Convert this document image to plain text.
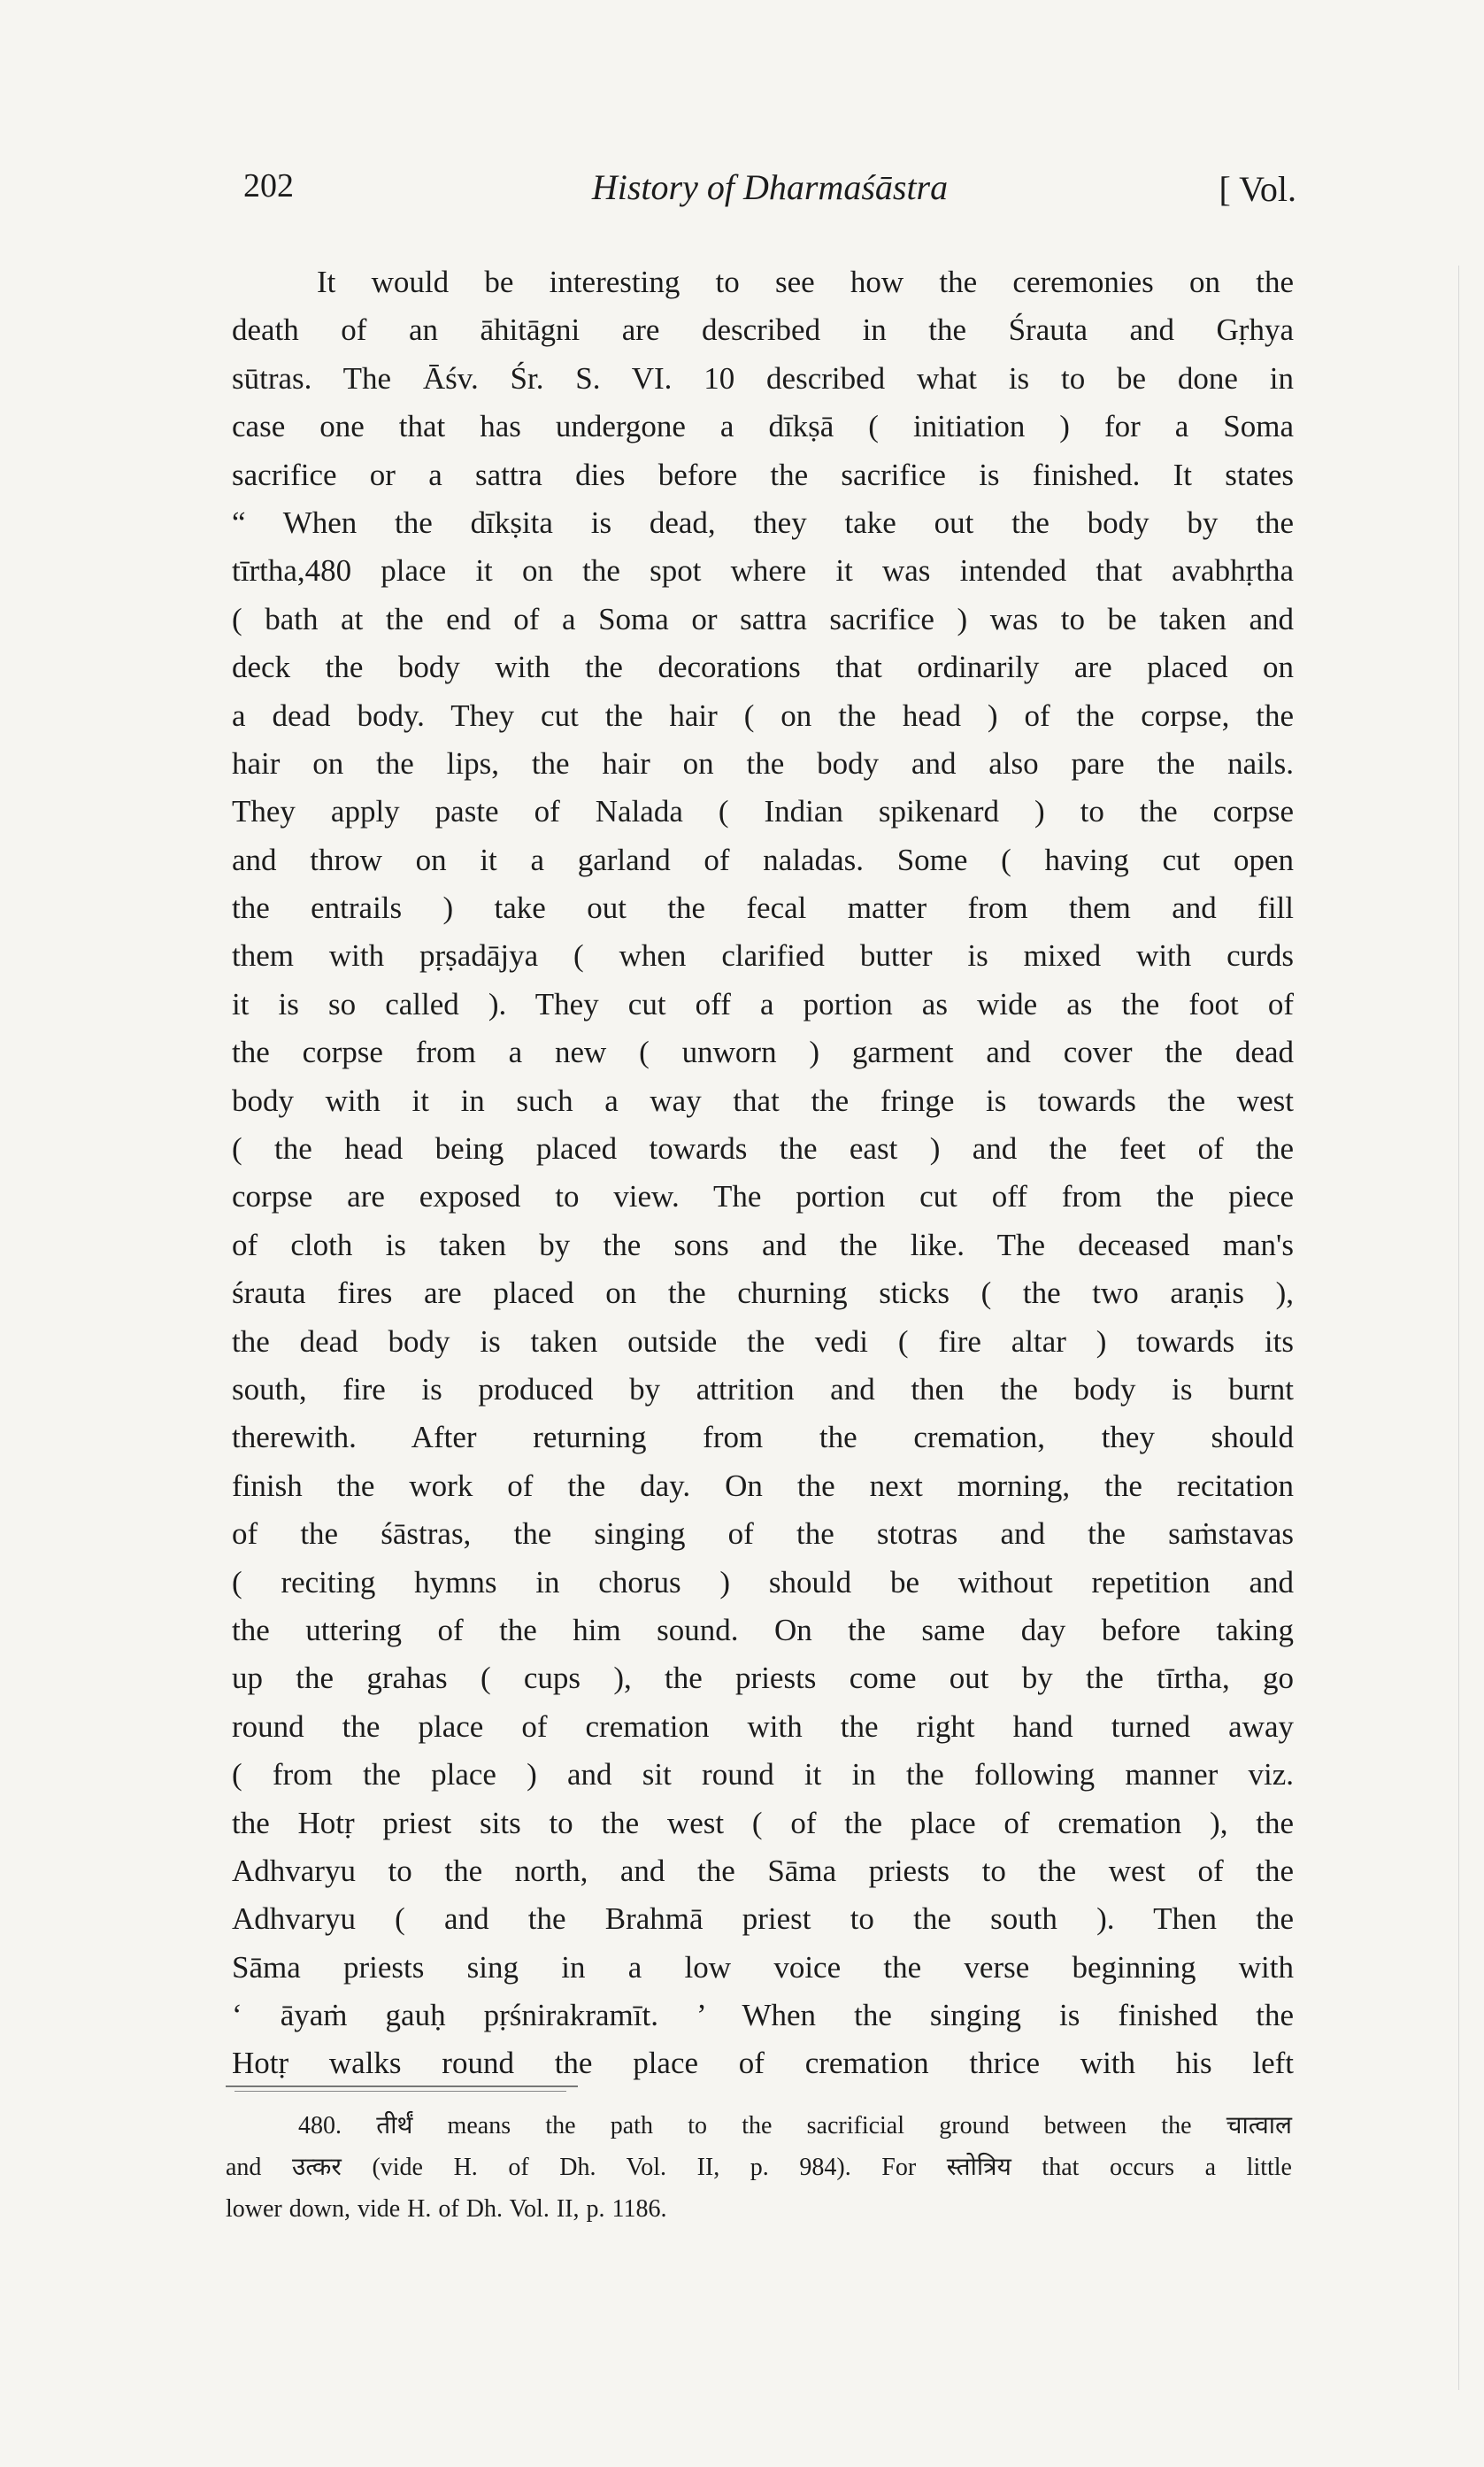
202	History of Dharmaśāstra	[ Vol.
It would be interesting to see how the ceremonies on the
death of an āhitāgni are described in the Śrauta and Gṛhya
sūtras. The Āśv. Śr. S. VI. 10 described what is to be done in
case one that has undergone a dīkṣā ( initiation ) for a Soma
sacrifice or a sattra dies before the sacrifice is finished. It states
“ When the dīkṣita is dead, they take out the body by the
tīrtha,480 place it on the spot where it was intended that avabhṛtha
( bath at the end of a Soma or sattra sacrifice ) was to be taken and
deck the body with the decorations that ordinarily are placed on
a dead body. They cut the hair ( on the head ) of the corpse, the
hair on the lips, the hair on the body and also pare the nails.
They apply paste of Nalada ( Indian spikenard ) to the corpse
and throw on it a garland of naladas. Some ( having cut open
the entrails ) take out the fecal matter from them and fill
them with pṛṣadājya ( when clarified butter is mixed with curds
it is so called ). They cut off a portion as wide as the foot of
the corpse from a new ( unworn ) garment and cover the dead
body with it in such a way that the fringe is towards the west
( the head being placed towards the east ) and the feet of the
corpse are exposed to view. The portion cut off from the piece
of cloth is taken by the sons and the like. The deceased man's
śrauta fires are placed on the churning sticks ( the two araṇis ),
the dead body is taken outside the vedi ( fire altar ) towards its
south, fire is produced by attrition and then the body is burnt
therewith. After returning from the cremation, they should
finish the work of the day. On the next morning, the recitation
of the śāstras, the singing of the stotras and the saṁstavas
( reciting hymns in chorus ) should be without repetition and
the uttering of the him sound. On the same day before taking
up the grahas ( cups ), the priests come out by the tīrtha, go
round the place of cremation with the right hand turned away
( from the place ) and sit round it in the following manner viz.
the Hotṛ priest sits to the west ( of the place of cremation ), the
Adhvaryu to the north, and the Sāma priests to the west of the
Adhvaryu ( and the Brahmā priest to the south ). Then the
Sāma priests sing in a low voice the verse beginning with
‘ āyaṁ gauḥ pṛśnirakramīt. ’ When the singing is finished the
Hotṛ walks round the place of cremation thrice with his left
480. तीर्थं means the path to the sacrificial ground between the चात्वाल
and उत्कर (vide H. of Dh. Vol. II, p. 984). For स्तोत्रिय that occurs a little
lower down, vide H. of Dh. Vol. II, p. 1186.
